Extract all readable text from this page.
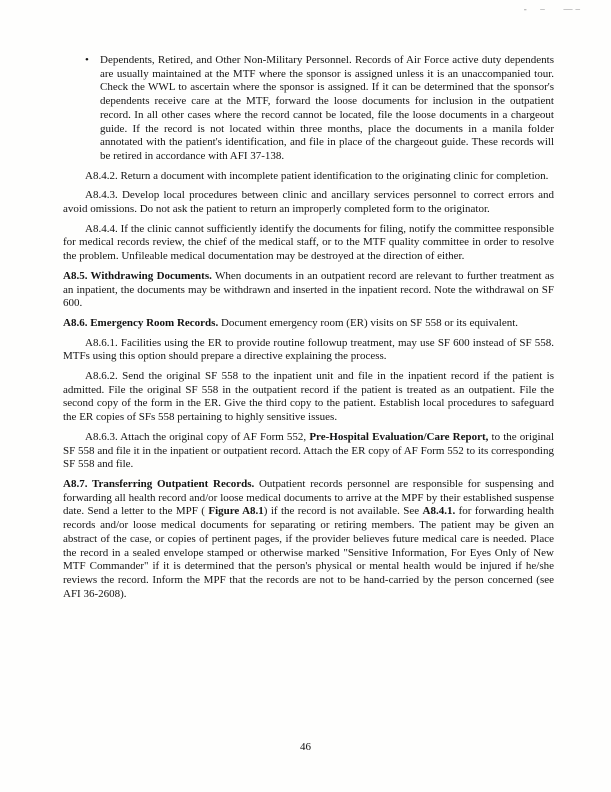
-  –   —–

• Dependents, Retired, and Other Non-Military Personnel. Records of Air Force active duty dependents are usually maintained at the MTF where the sponsor is assigned unless it is an unaccompanied tour. Check the WWL to ascertain where the sponsor is assigned. If it can be determined that the sponsor's dependents receive care at the MTF, forward the loose documents for inclusion in the outpatient record. In all other cases where the record cannot be located, file the loose documents in a chargeout guide. If the record is not located within three months, place the documents in a manila folder annotated with the patient's identification, and file in place of the chargeout guide. These records will be retired in accordance with AFI 37-138.

A8.4.2. Return a document with incomplete patient identification to the originating clinic for completion.

A8.4.3. Develop local procedures between clinic and ancillary services personnel to correct errors and avoid omissions. Do not ask the patient to return an improperly completed form to the originator.

A8.4.4. If the clinic cannot sufficiently identify the documents for filing, notify the committee responsible for medical records review, the chief of the medical staff, or to the MTF quality committee in order to resolve the problem. Unfileable medical documentation may be destroyed at the direction of either.

A8.5. Withdrawing Documents. When documents in an outpatient record are relevant to further treatment as an inpatient, the documents may be withdrawn and inserted in the inpatient record. Note the withdrawal on SF 600.

A8.6. Emergency Room Records. Document emergency room (ER) visits on SF 558 or its equivalent.

A8.6.1. Facilities using the ER to provide routine followup treatment, may use SF 600 instead of SF 558. MTFs using this option should prepare a directive explaining the process.

A8.6.2. Send the original SF 558 to the inpatient unit and file in the inpatient record if the patient is admitted. File the original SF 558 in the outpatient record if the patient is treated as an outpatient. File the second copy of the form in the ER. Give the third copy to the patient. Establish local procedures to safeguard the ER copies of SFs 558 pertaining to highly sensitive issues.

A8.6.3. Attach the original copy of AF Form 552, Pre-Hospital Evaluation/Care Report, to the original SF 558 and file it in the inpatient or outpatient record. Attach the ER copy of AF Form 552 to its corresponding SF 558 and file.

A8.7. Transferring Outpatient Records. Outpatient records personnel are responsible for suspensing and forwarding all health record and/or loose medical documents to arrive at the MPF by their established suspense date. Send a letter to the MPF ( Figure A8.1) if the record is not available. See A8.4.1. for forwarding health records and/or loose medical documents for separating or retiring members. The patient may be given an abstract of the case, or copies of pertinent pages, if the provider believes future medical care is needed. Place the record in a sealed envelope stamped or otherwise marked "Sensitive Information, For Eyes Only of New MTF Commander" if it is determined that the person's physical or mental health would be injured if he/she reviews the record. Inform the MPF that the records are not to be hand-carried by the person concerned (see AFI 36-2608).

46
